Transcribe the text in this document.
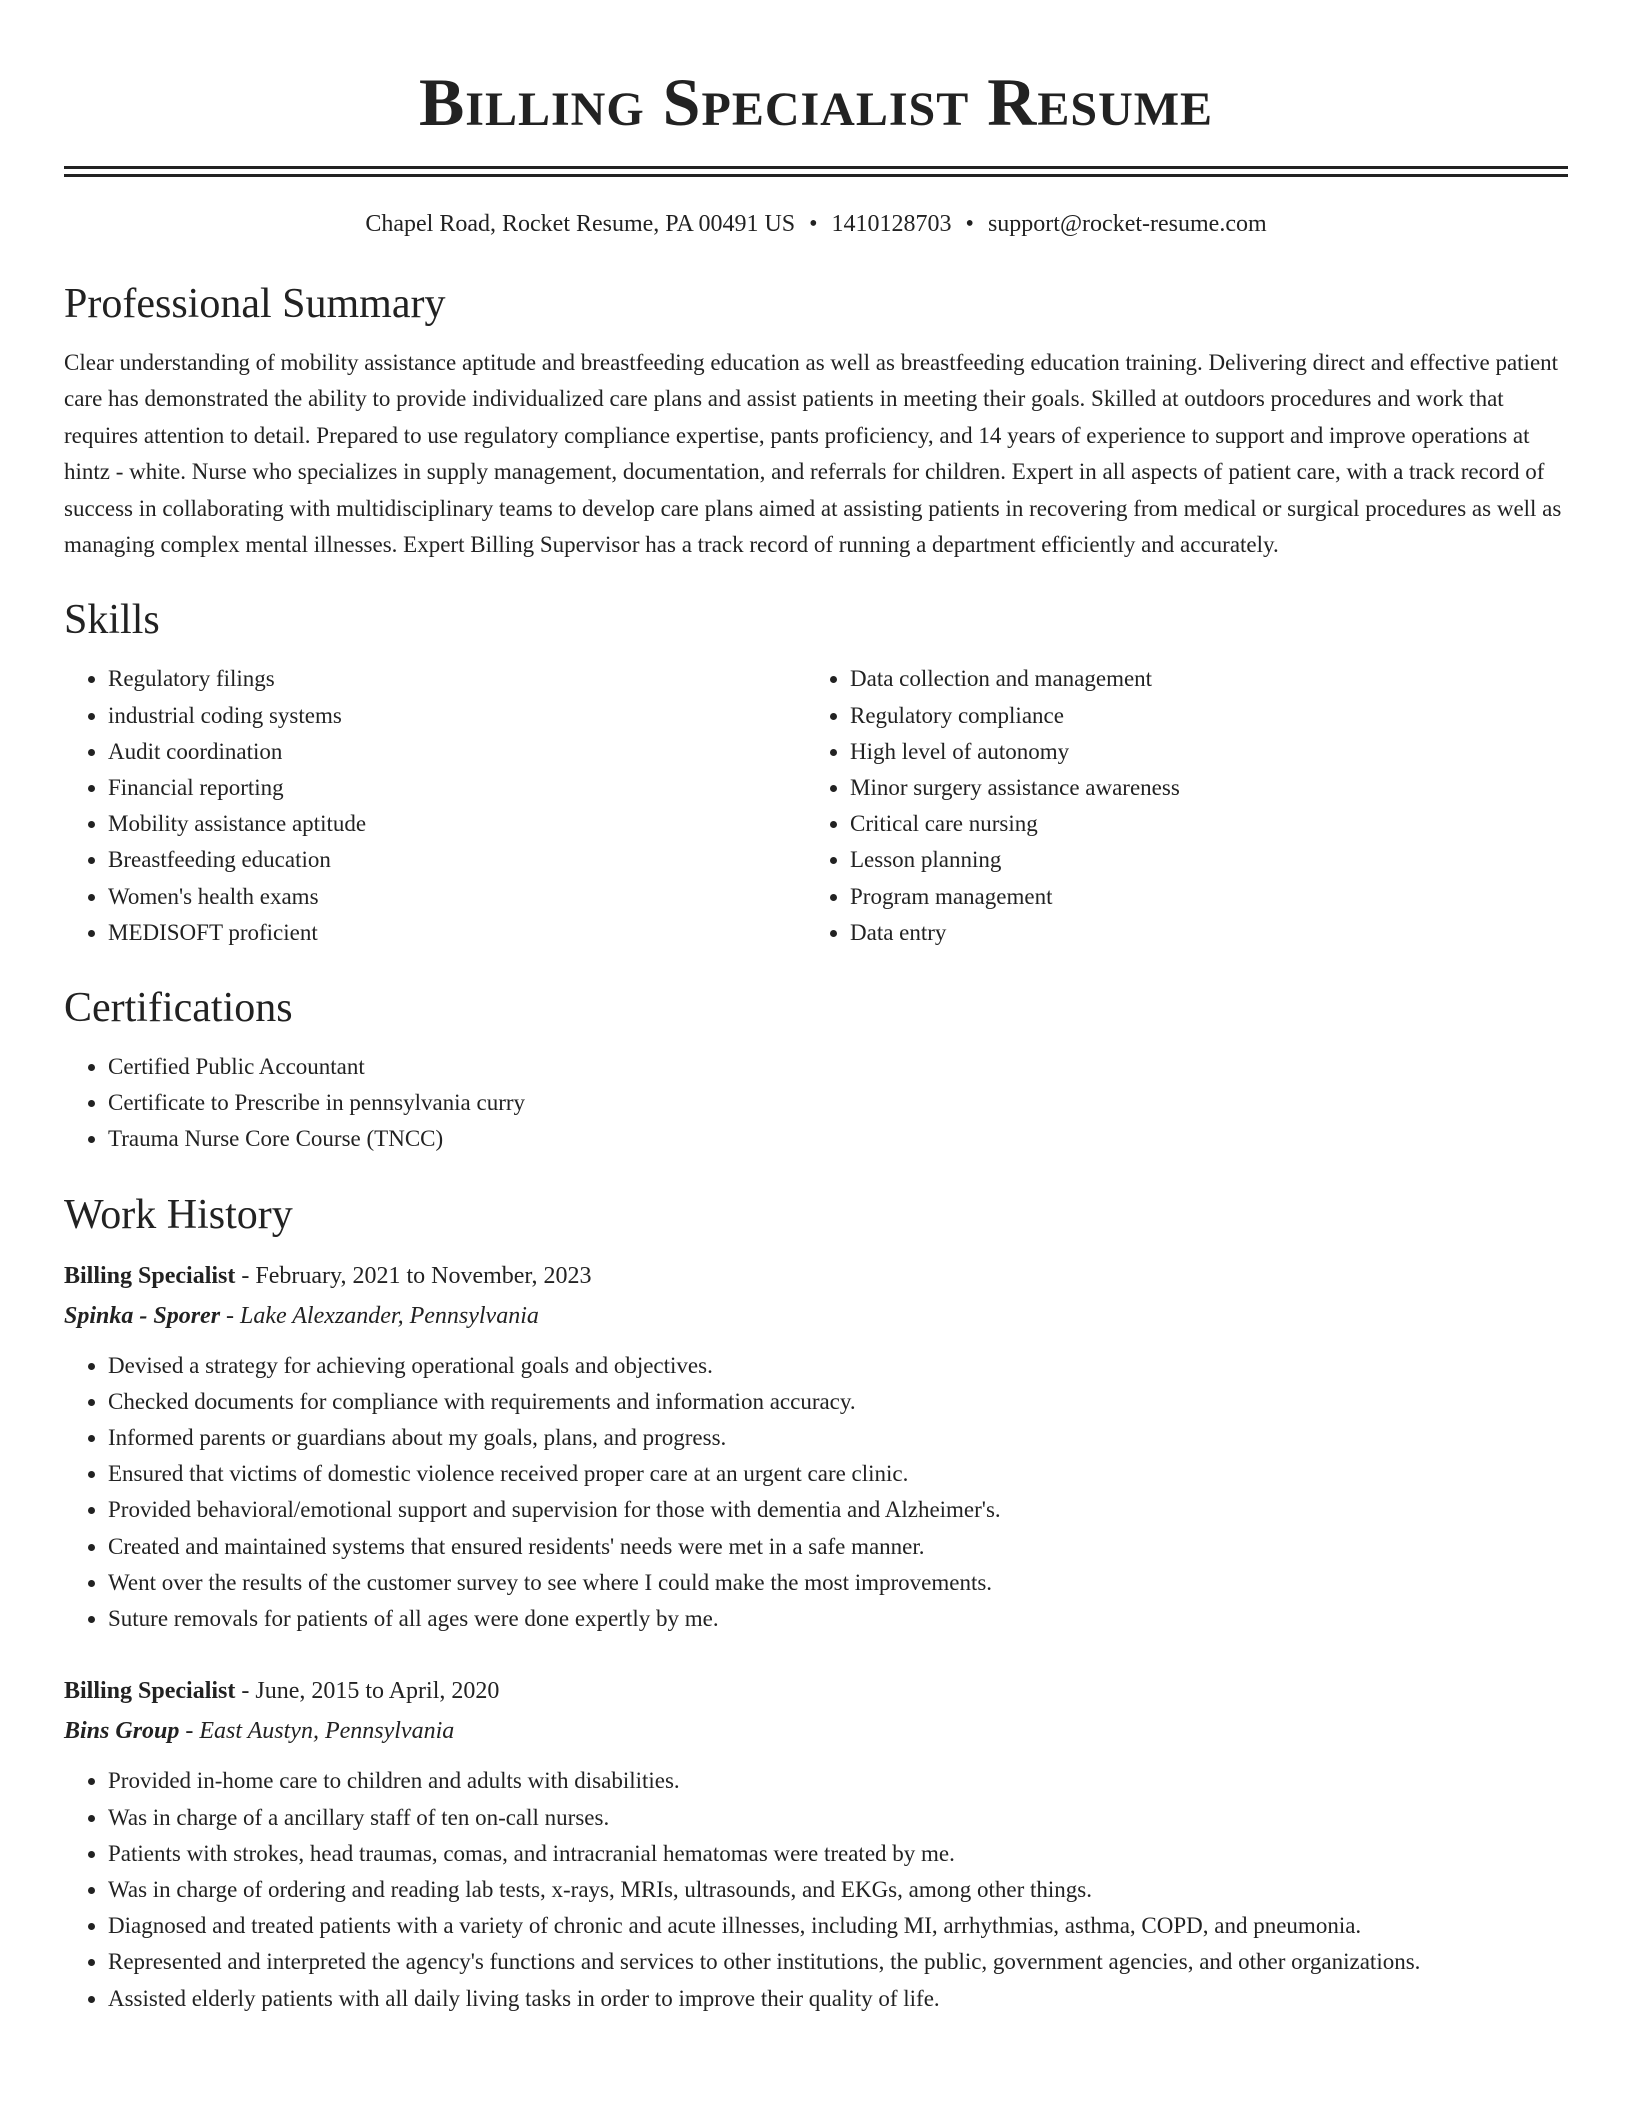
Billing Specialist Resume
Chapel Road, Rocket Resume, PA 00491 US • 1410128703 • support@rocket-resume.com
Professional Summary
Clear understanding of mobility assistance aptitude and breastfeeding education as well as breastfeeding education training. Delivering direct and effective patient care has demonstrated the ability to provide individualized care plans and assist patients in meeting their goals. Skilled at outdoors procedures and work that requires attention to detail. Prepared to use regulatory compliance expertise, pants proficiency, and 14 years of experience to support and improve operations at hintz - white. Nurse who specializes in supply management, documentation, and referrals for children. Expert in all aspects of patient care, with a track record of success in collaborating with multidisciplinary teams to develop care plans aimed at assisting patients in recovering from medical or surgical procedures as well as managing complex mental illnesses. Expert Billing Supervisor has a track record of running a department efficiently and accurately.
Skills
• Regulatory filings
• industrial coding systems
• Audit coordination
• Financial reporting
• Mobility assistance aptitude
• Breastfeeding education
• Women's health exams
• MEDISOFT proficient
• Data collection and management
• Regulatory compliance
• High level of autonomy
• Minor surgery assistance awareness
• Critical care nursing
• Lesson planning
• Program management
• Data entry
Certifications
• Certified Public Accountant
• Certificate to Prescribe in pennsylvania curry
• Trauma Nurse Core Course (TNCC)
Work History
Billing Specialist - February, 2021 to November, 2023
Spinka - Sporer - Lake Alexzander, Pennsylvania
• Devised a strategy for achieving operational goals and objectives.
• Checked documents for compliance with requirements and information accuracy.
• Informed parents or guardians about my goals, plans, and progress.
• Ensured that victims of domestic violence received proper care at an urgent care clinic.
• Provided behavioral/emotional support and supervision for those with dementia and Alzheimer's.
• Created and maintained systems that ensured residents' needs were met in a safe manner.
• Went over the results of the customer survey to see where I could make the most improvements.
• Suture removals for patients of all ages were done expertly by me.
Billing Specialist - June, 2015 to April, 2020
Bins Group - East Austyn, Pennsylvania
• Provided in-home care to children and adults with disabilities.
• Was in charge of a ancillary staff of ten on-call nurses.
• Patients with strokes, head traumas, comas, and intracranial hematomas were treated by me.
• Was in charge of ordering and reading lab tests, x-rays, MRIs, ultrasounds, and EKGs, among other things.
• Diagnosed and treated patients with a variety of chronic and acute illnesses, including MI, arrhythmias, asthma, COPD, and pneumonia.
• Represented and interpreted the agency's functions and services to other institutions, the public, government agencies, and other organizations.
• Assisted elderly patients with all daily living tasks in order to improve their quality of life.
